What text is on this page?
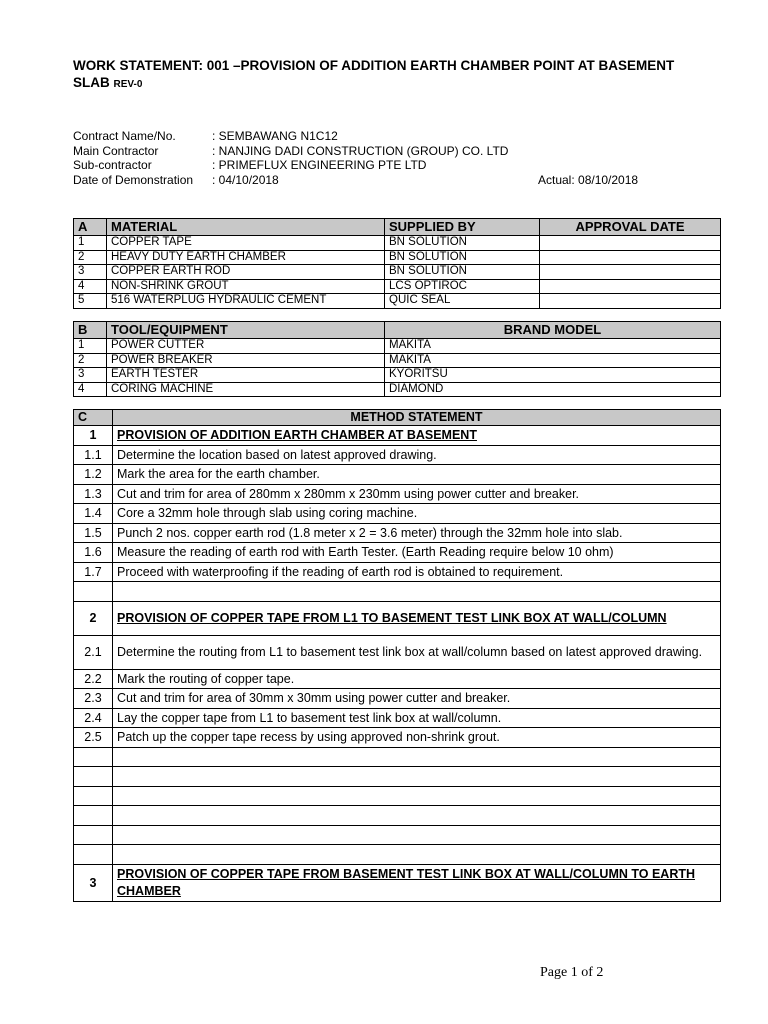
WORK STATEMENT: 001 –PROVISION OF ADDITION EARTH CHAMBER POINT AT BASEMENT SLAB REV-0
Contract Name/No.	: SEMBAWANG N1C12
Main Contractor	: NANJING DADI CONSTRUCTION (GROUP) CO. LTD
Sub-contractor	: PRIMEFLUX ENGINEERING PTE LTD
Date of Demonstration : 04/10/2018	Actual: 08/10/2018
A	MATERIAL	SUPPLIED BY	APPROVAL DATE
1	COPPER TAPE	BN SOLUTION	
2	HEAVY DUTY EARTH CHAMBER	BN SOLUTION	
3	COPPER EARTH ROD	BN SOLUTION	
4	NON-SHRINK GROUT	LCS OPTIROC	
5	516 WATERPLUG HYDRAULIC CEMENT	QUIC SEAL	
B	TOOL/EQUIPMENT	BRAND MODEL
1	POWER CUTTER	MAKITA
2	POWER BREAKER	MAKITA
3	EARTH TESTER	KYORITSU
4	CORING MACHINE	DIAMOND
C	METHOD STATEMENT
1	PROVISION OF ADDITION EARTH CHAMBER AT BASEMENT
1.1	Determine the location based on latest approved drawing.
1.2	Mark the area for the earth chamber.
1.3	Cut and trim for area of 280mm x 280mm x 230mm using power cutter and breaker.
1.4	Core a 32mm hole through slab using coring machine.
1.5	Punch 2 nos. copper earth rod (1.8 meter x 2 = 3.6 meter) through the 32mm hole into slab.
1.6	Measure the reading of earth rod with Earth Tester. (Earth Reading require below 10 ohm)
1.7	Proceed with waterproofing if the reading of earth rod is obtained to requirement.

2	PROVISION OF COPPER TAPE FROM L1 TO BASEMENT TEST LINK BOX AT WALL/COLUMN
2.1	Determine the routing from L1 to basement test link box at wall/column based on latest approved drawing.
2.2	Mark the routing of copper tape.
2.3	Cut and trim for area of 30mm x 30mm using power cutter and breaker.
2.4	Lay the copper tape from L1 to basement test link box at wall/column.
2.5	Patch up the copper tape recess by using approved non-shrink grout.

3	PROVISION OF COPPER TAPE FROM BASEMENT TEST LINK BOX AT WALL/COLUMN TO EARTH CHAMBER
Page 1 of 2
